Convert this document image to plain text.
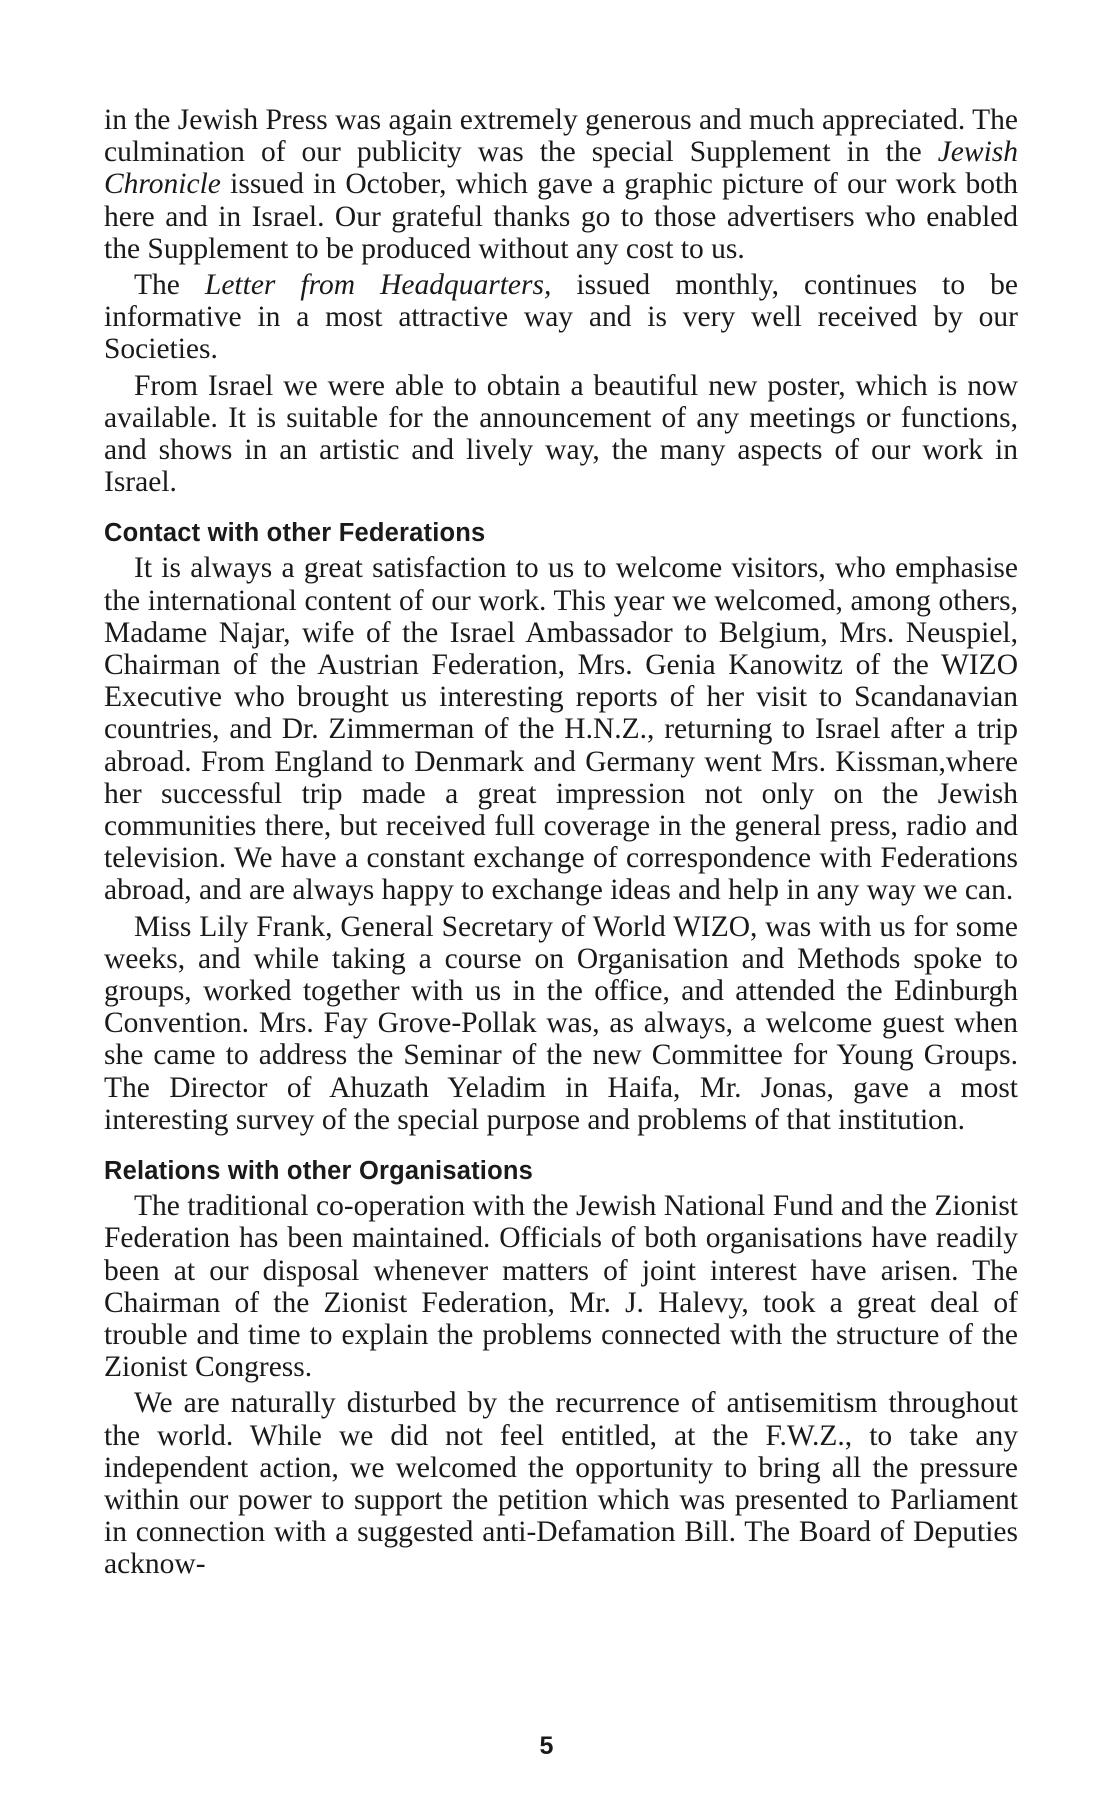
in the Jewish Press was again extremely generous and much appreciated. The culmination of our publicity was the special Supplement in the Jewish Chronicle issued in October, which gave a graphic picture of our work both here and in Israel. Our grateful thanks go to those advertisers who enabled the Supplement to be produced without any cost to us.

The Letter from Headquarters, issued monthly, continues to be informative in a most attractive way and is very well received by our Societies.

From Israel we were able to obtain a beautiful new poster, which is now available. It is suitable for the announcement of any meetings or functions, and shows in an artistic and lively way, the many aspects of our work in Israel.

Contact with other Federations

It is always a great satisfaction to us to welcome visitors, who emphasise the international content of our work. This year we welcomed, among others, Madame Najar, wife of the Israel Ambassador to Belgium, Mrs. Neuspiel, Chairman of the Austrian Federation, Mrs. Genia Kanowitz of the WIZO Executive who brought us interesting reports of her visit to Scandanavian countries, and Dr. Zimmerman of the H.N.Z., returning to Israel after a trip abroad. From England to Denmark and Germany went Mrs. Kissman,where her successful trip made a great impression not only on the Jewish communities there, but received full coverage in the general press, radio and television. We have a constant exchange of correspondence with Federations abroad, and are always happy to exchange ideas and help in any way we can.

Miss Lily Frank, General Secretary of World WIZO, was with us for some weeks, and while taking a course on Organisation and Methods spoke to groups, worked together with us in the office, and attended the Edinburgh Convention. Mrs. Fay Grove-Pollak was, as always, a welcome guest when she came to address the Seminar of the new Committee for Young Groups. The Director of Ahuzath Yeladim in Haifa, Mr. Jonas, gave a most interesting survey of the special purpose and problems of that institution.

Relations with other Organisations

The traditional co-operation with the Jewish National Fund and the Zionist Federation has been maintained. Officials of both organisations have readily been at our disposal whenever matters of joint interest have arisen. The Chairman of the Zionist Federation, Mr. J. Halevy, took a great deal of trouble and time to explain the problems connected with the structure of the Zionist Congress.

We are naturally disturbed by the recurrence of antisemitism throughout the world. While we did not feel entitled, at the F.W.Z., to take any independent action, we welcomed the opportunity to bring all the pressure within our power to support the petition which was presented to Parliament in connection with a suggested anti-Defamation Bill. The Board of Deputies acknow-

5
